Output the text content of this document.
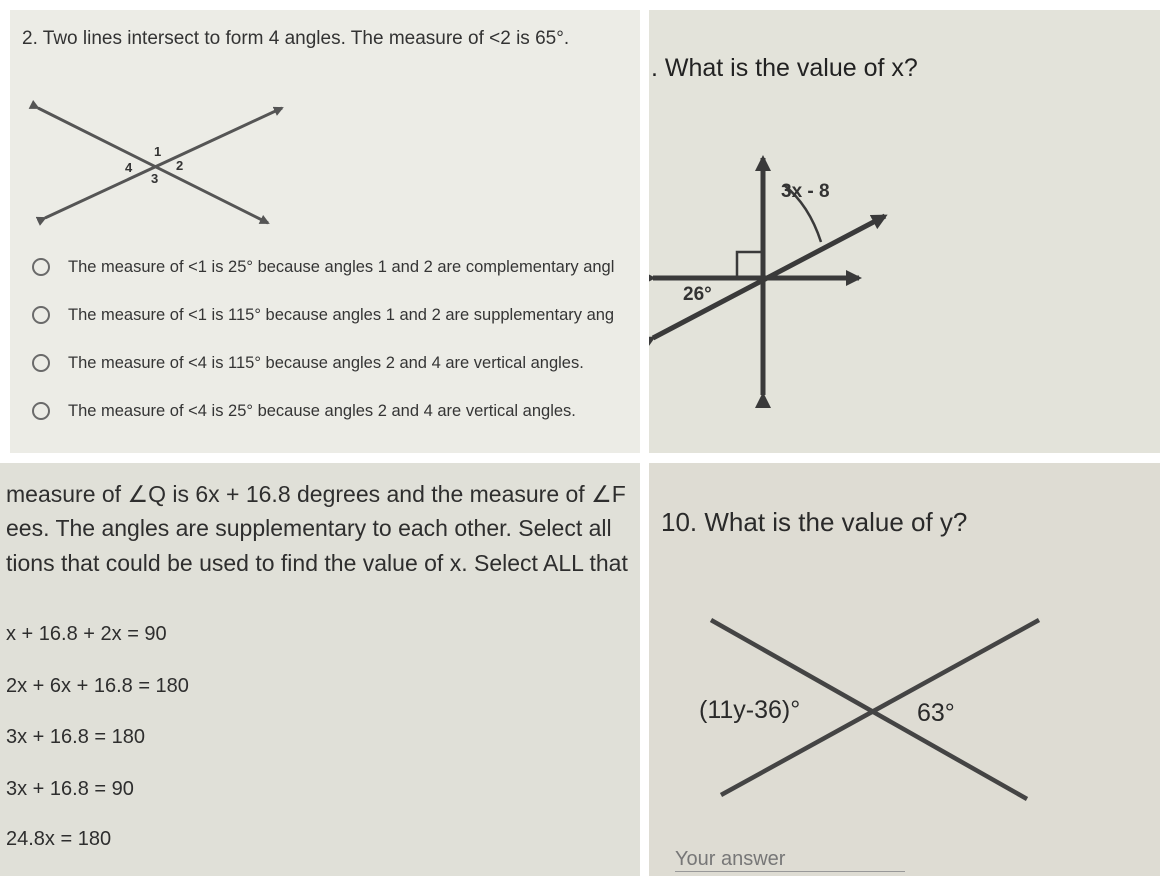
2. Two lines intersect to form 4 angles. The measure of <2 is 65°.
1
2
3
4
The measure of <1 is 25° because angles 1 and 2 are complementary angl
The measure of <1 is 115° because angles 1 and 2 are supplementary ang
The measure of <4 is 115° because angles 2 and 4 are vertical angles.
The measure of <4 is 25° because angles 2 and 4 are vertical angles.
. What is the value of x?
3x - 8
26°
measure of ∠Q is 6x + 16.8 degrees and the measure of ∠F
ees. The angles are supplementary to each other. Select all
tions that could be used to find the value of x. Select ALL that
x + 16.8 + 2x = 90
2x + 6x + 16.8 = 180
3x + 16.8 = 180
3x + 16.8 = 90
24.8x = 180
10. What is the value of y?
(11y-36)°	63°
Your answer
